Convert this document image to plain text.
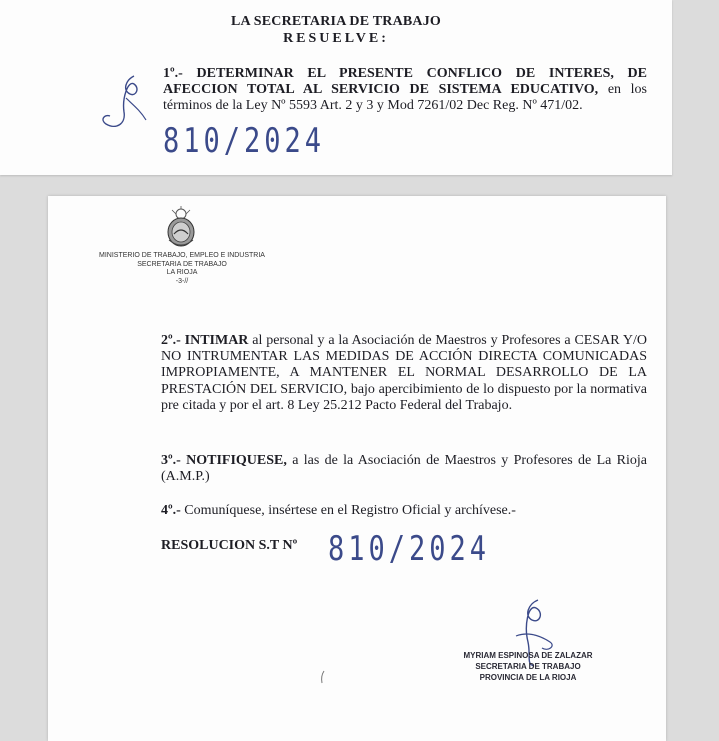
LA SECRETARIA DE TRABAJO
RESUELVE:
1º.- DETERMINAR EL PRESENTE CONFLICO DE INTERES, DE AFECCION TOTAL AL SERVICIO DE SISTEMA EDUCATIVO, en los términos de la Ley Nº 5593 Art. 2 y 3 y Mod 7261/02 Dec Reg. Nº 471/02.
810/2024
MINISTERIO DE TRABAJO, EMPLEO E INDUSTRIA
SECRETARIA DE TRABAJO
LA RIOJA
-3-//
2º.- INTIMAR al personal y a la Asociación de Maestros y Profesores a CESAR Y/O NO INTRUMENTAR LAS MEDIDAS DE ACCIÓN DIRECTA COMUNICADAS IMPROPIAMENTE, A MANTENER EL NORMAL DESARROLLO DE LA PRESTACIÓN DEL SERVICIO, bajo apercibimiento de lo dispuesto por la normativa pre citada y por el art. 8 Ley 25.212 Pacto Federal del Trabajo.
3º.- NOTIFIQUESE, a las de la Asociación de Maestros y Profesores de La Rioja (A.M.P.)
4º.- Comuníquese, insértese en el Registro Oficial y archívese.-
RESOLUCION S.T Nº 810/2024
MYRIAM ESPINOSA DE ZALAZAR
SECRETARIA DE TRABAJO
PROVINCIA DE LA RIOJA
